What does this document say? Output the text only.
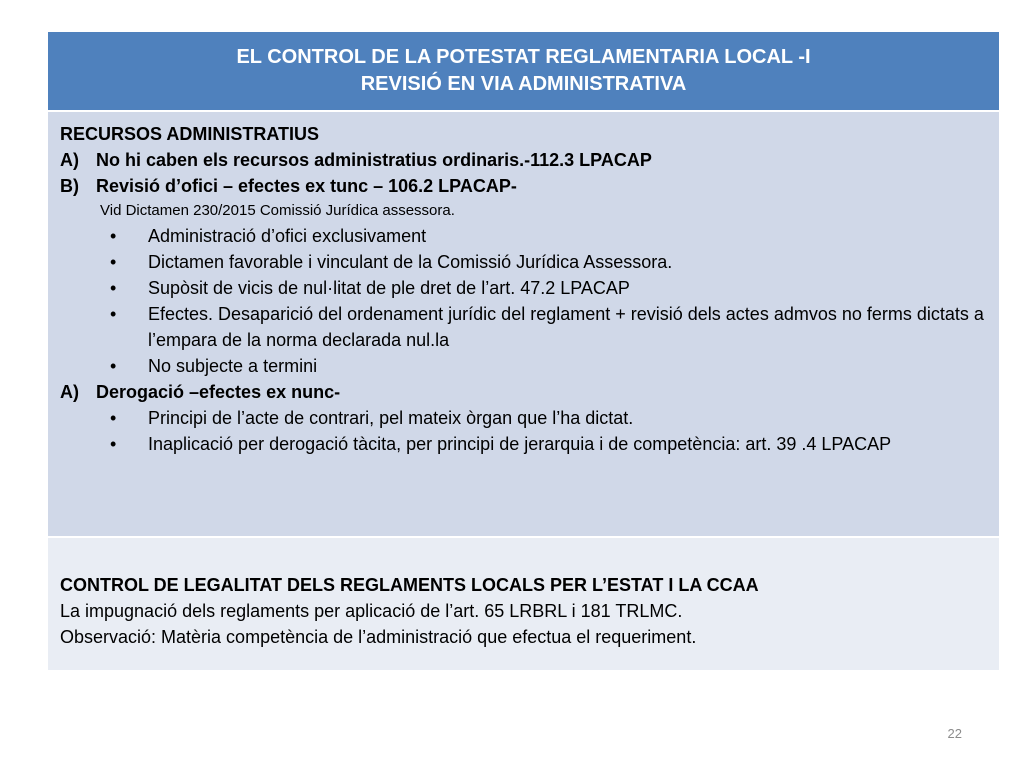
EL CONTROL DE LA POTESTAT REGLAMENTARIA LOCAL -I
REVISIÓ EN VIA ADMINISTRATIVA
RECURSOS ADMINISTRATIUS
A) No hi caben els recursos administratius ordinaris.-112.3 LPACAP
B) Revisió d’ofici – efectes ex tunc – 106.2 LPACAP-
Vid Dictamen 230/2015 Comissió Jurídica assessora.
•	Administració d’ofici exclusivament
•	Dictamen favorable i vinculant de la Comissió Jurídica Assessora.
•	Supòsit de vicis de nul·litat de ple dret de l’art. 47.2 LPACAP
•	Efectes. Desaparició del ordenament jurídic del reglament + revisió dels actes admvos no ferms dictats a l’empara de la norma declarada nul.la
•	No subjecte a termini
A) Derogació –efectes ex nunc-
•	Principi de l’acte de contrari, pel mateix òrgan que l’ha dictat.
•	Inaplicació per derogació tàcita, per principi de jerarquia i de competència: art. 39 .4 LPACAP
CONTROL DE LEGALITAT DELS REGLAMENTS LOCALS PER L’ESTAT I LA CCAA
La impugnació dels reglaments per aplicació de l’art. 65 LRBRL i 181 TRLMC.
Observació: Matèria competència de l’administració que efectua el requeriment.
22
